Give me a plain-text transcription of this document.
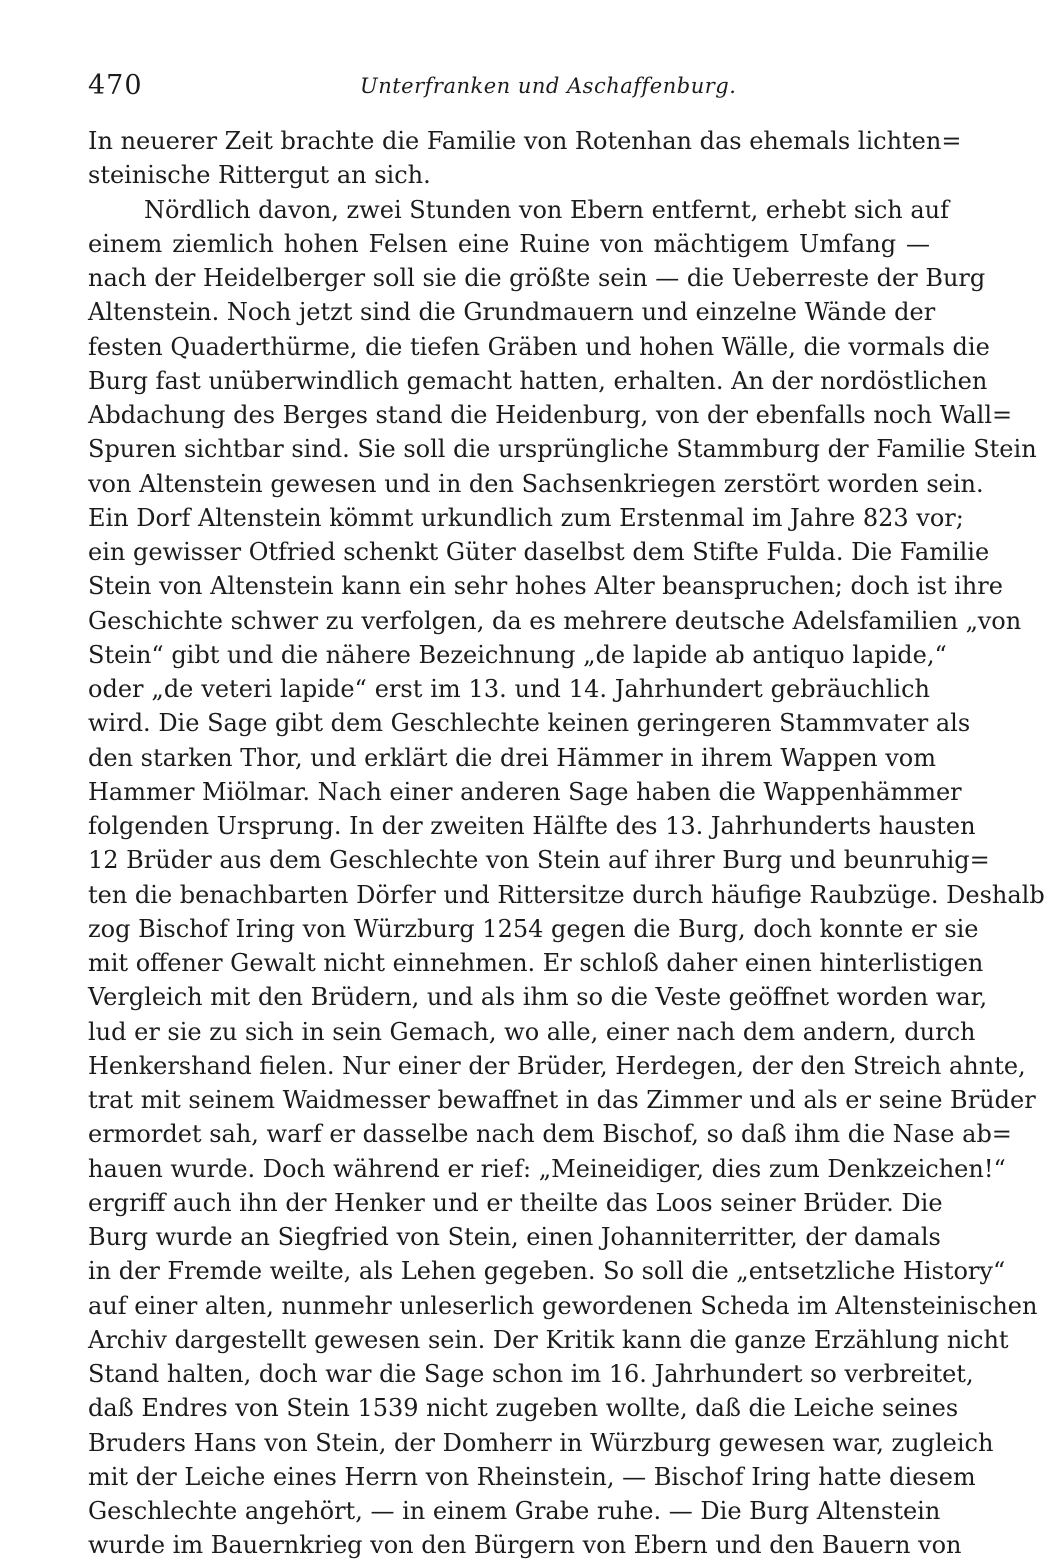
470	Unterfranken und Aschaffenburg.
In neuerer Zeit brachte die Familie von Rotenhan das ehemals lichten=
steinische Rittergut an sich.
Nördlich davon, zwei Stunden von Ebern entfernt, erhebt sich auf
einem ziemlich hohen Felsen eine Ruine von mächtigem Umfang —
nach der Heidelberger soll sie die größte sein — die Ueberreste der Burg
Altenstein. Noch jetzt sind die Grundmauern und einzelne Wände der
festen Quaderthürme, die tiefen Gräben und hohen Wälle, die vormals die
Burg fast unüberwindlich gemacht hatten, erhalten. An der nordöstlichen
Abdachung des Berges stand die Heidenburg, von der ebenfalls noch Wall=
Spuren sichtbar sind. Sie soll die ursprüngliche Stammburg der Familie Stein
von Altenstein gewesen und in den Sachsenkriegen zerstört worden sein.
Ein Dorf Altenstein kömmt urkundlich zum Erstenmal im Jahre 823 vor;
ein gewisser Otfried schenkt Güter daselbst dem Stifte Fulda. Die Familie
Stein von Altenstein kann ein sehr hohes Alter beanspruchen; doch ist ihre
Geschichte schwer zu verfolgen, da es mehrere deutsche Adelsfamilien „von
Stein“ gibt und die nähere Bezeichnung „de lapide ab antiquo lapide,“
oder „de veteri lapide“ erst im 13. und 14. Jahrhundert gebräuchlich
wird. Die Sage gibt dem Geschlechte keinen geringeren Stammvater als
den starken Thor, und erklärt die drei Hämmer in ihrem Wappen vom
Hammer Miölmar. Nach einer anderen Sage haben die Wappenhämmer
folgenden Ursprung. In der zweiten Hälfte des 13. Jahrhunderts hausten
12 Brüder aus dem Geschlechte von Stein auf ihrer Burg und beunruhig=
ten die benachbarten Dörfer und Rittersitze durch häufige Raubzüge. Deshalb
zog Bischof Iring von Würzburg 1254 gegen die Burg, doch konnte er sie
mit offener Gewalt nicht einnehmen. Er schloß daher einen hinterlistigen
Vergleich mit den Brüdern, und als ihm so die Veste geöffnet worden war,
lud er sie zu sich in sein Gemach, wo alle, einer nach dem andern, durch
Henkershand fielen. Nur einer der Brüder, Herdegen, der den Streich ahnte,
trat mit seinem Waidmesser bewaffnet in das Zimmer und als er seine Brüder
ermordet sah, warf er dasselbe nach dem Bischof, so daß ihm die Nase ab=
hauen wurde. Doch während er rief: „Meineidiger, dies zum Denkzeichen!“
ergriff auch ihn der Henker und er theilte das Loos seiner Brüder. Die
Burg wurde an Siegfried von Stein, einen Johanniterritter, der damals
in der Fremde weilte, als Lehen gegeben. So soll die „entsetzliche History“
auf einer alten, nunmehr unleserlich gewordenen Scheda im Altensteinischen
Archiv dargestellt gewesen sein. Der Kritik kann die ganze Erzählung nicht
Stand halten, doch war die Sage schon im 16. Jahrhundert so verbreitet,
daß Endres von Stein 1539 nicht zugeben wollte, daß die Leiche seines
Bruders Hans von Stein, der Domherr in Würzburg gewesen war, zugleich
mit der Leiche eines Herrn von Rheinstein, — Bischof Iring hatte diesem
Geschlechte angehört, — in einem Grabe ruhe. — Die Burg Altenstein
wurde im Bauernkrieg von den Bürgern von Ebern und den Bauern von
